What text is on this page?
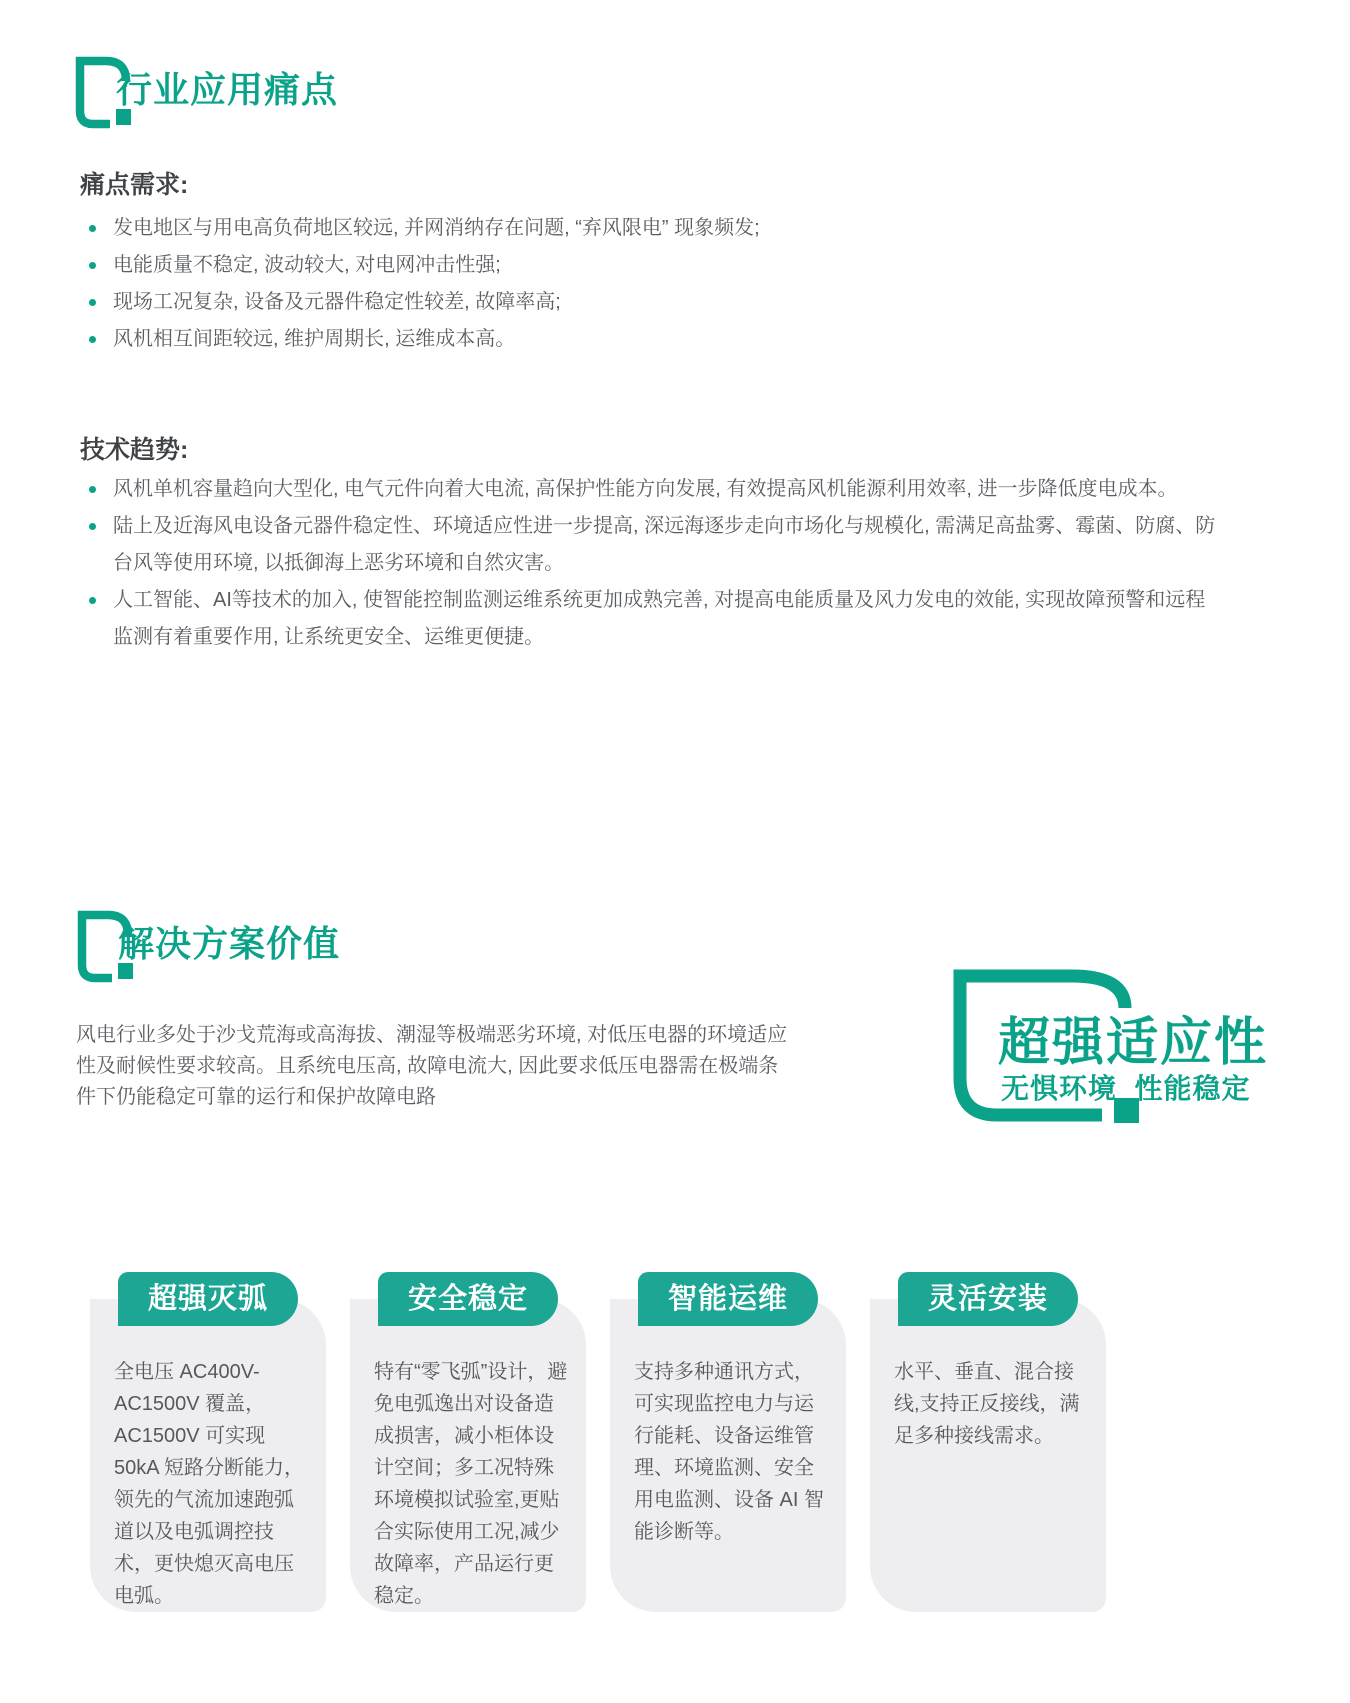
行业应用痛点
痛点需求:
发电地区与用电高负荷地区较远, 并网消纳存在问题, “弃风限电” 现象频发;
电能质量不稳定, 波动较大, 对电网冲击性强;
现场工况复杂, 设备及元器件稳定性较差, 故障率高;
风机相互间距较远, 维护周期长, 运维成本高。
技术趋势:
风机单机容量趋向大型化, 电气元件向着大电流, 高保护性能方向发展, 有效提高风机能源利用效率, 进一步降低度电成本。
陆上及近海风电设备元器件稳定性、环境适应性进一步提高, 深远海逐步走向市场化与规模化, 需满足高盐雾、霉菌、防腐、防台风等使用环境, 以抵御海上恶劣环境和自然灾害。
人工智能、AI等技术的加入, 使智能控制监测运维系统更加成熟完善, 对提高电能质量及风力发电的效能, 实现故障预警和远程监测有着重要作用, 让系统更安全、运维更便捷。
解决方案价值
风电行业多处于沙戈荒海或高海拔、潮湿等极端恶劣环境, 对低压电器的环境适应性及耐候性要求较高。且系统电压高, 故障电流大, 因此要求低压电器需在极端条件下仍能稳定可靠的运行和保护故障电路
超强适应性
无惧环境  性能稳定
超强灭弧
全电压 AC400V-AC1500V 覆盖，AC1500V 可实现 50kA 短路分断能力，领先的气流加速跑弧道以及电弧调控技术，更快熄灭高电压电弧。
安全稳定
特有“零飞弧”设计，避免电弧逸出对设备造成损害，减小柜体设计空间；多工况特殊环境模拟试验室,更贴合实际使用工况,减少故障率，产品运行更稳定。
智能运维
支持多种通讯方式，可实现监控电力与运行能耗、设备运维管理、环境监测、安全用电监测、设备 AI 智能诊断等。
灵活安装
水平、垂直、混合接线,支持正反接线，满足多种接线需求。
